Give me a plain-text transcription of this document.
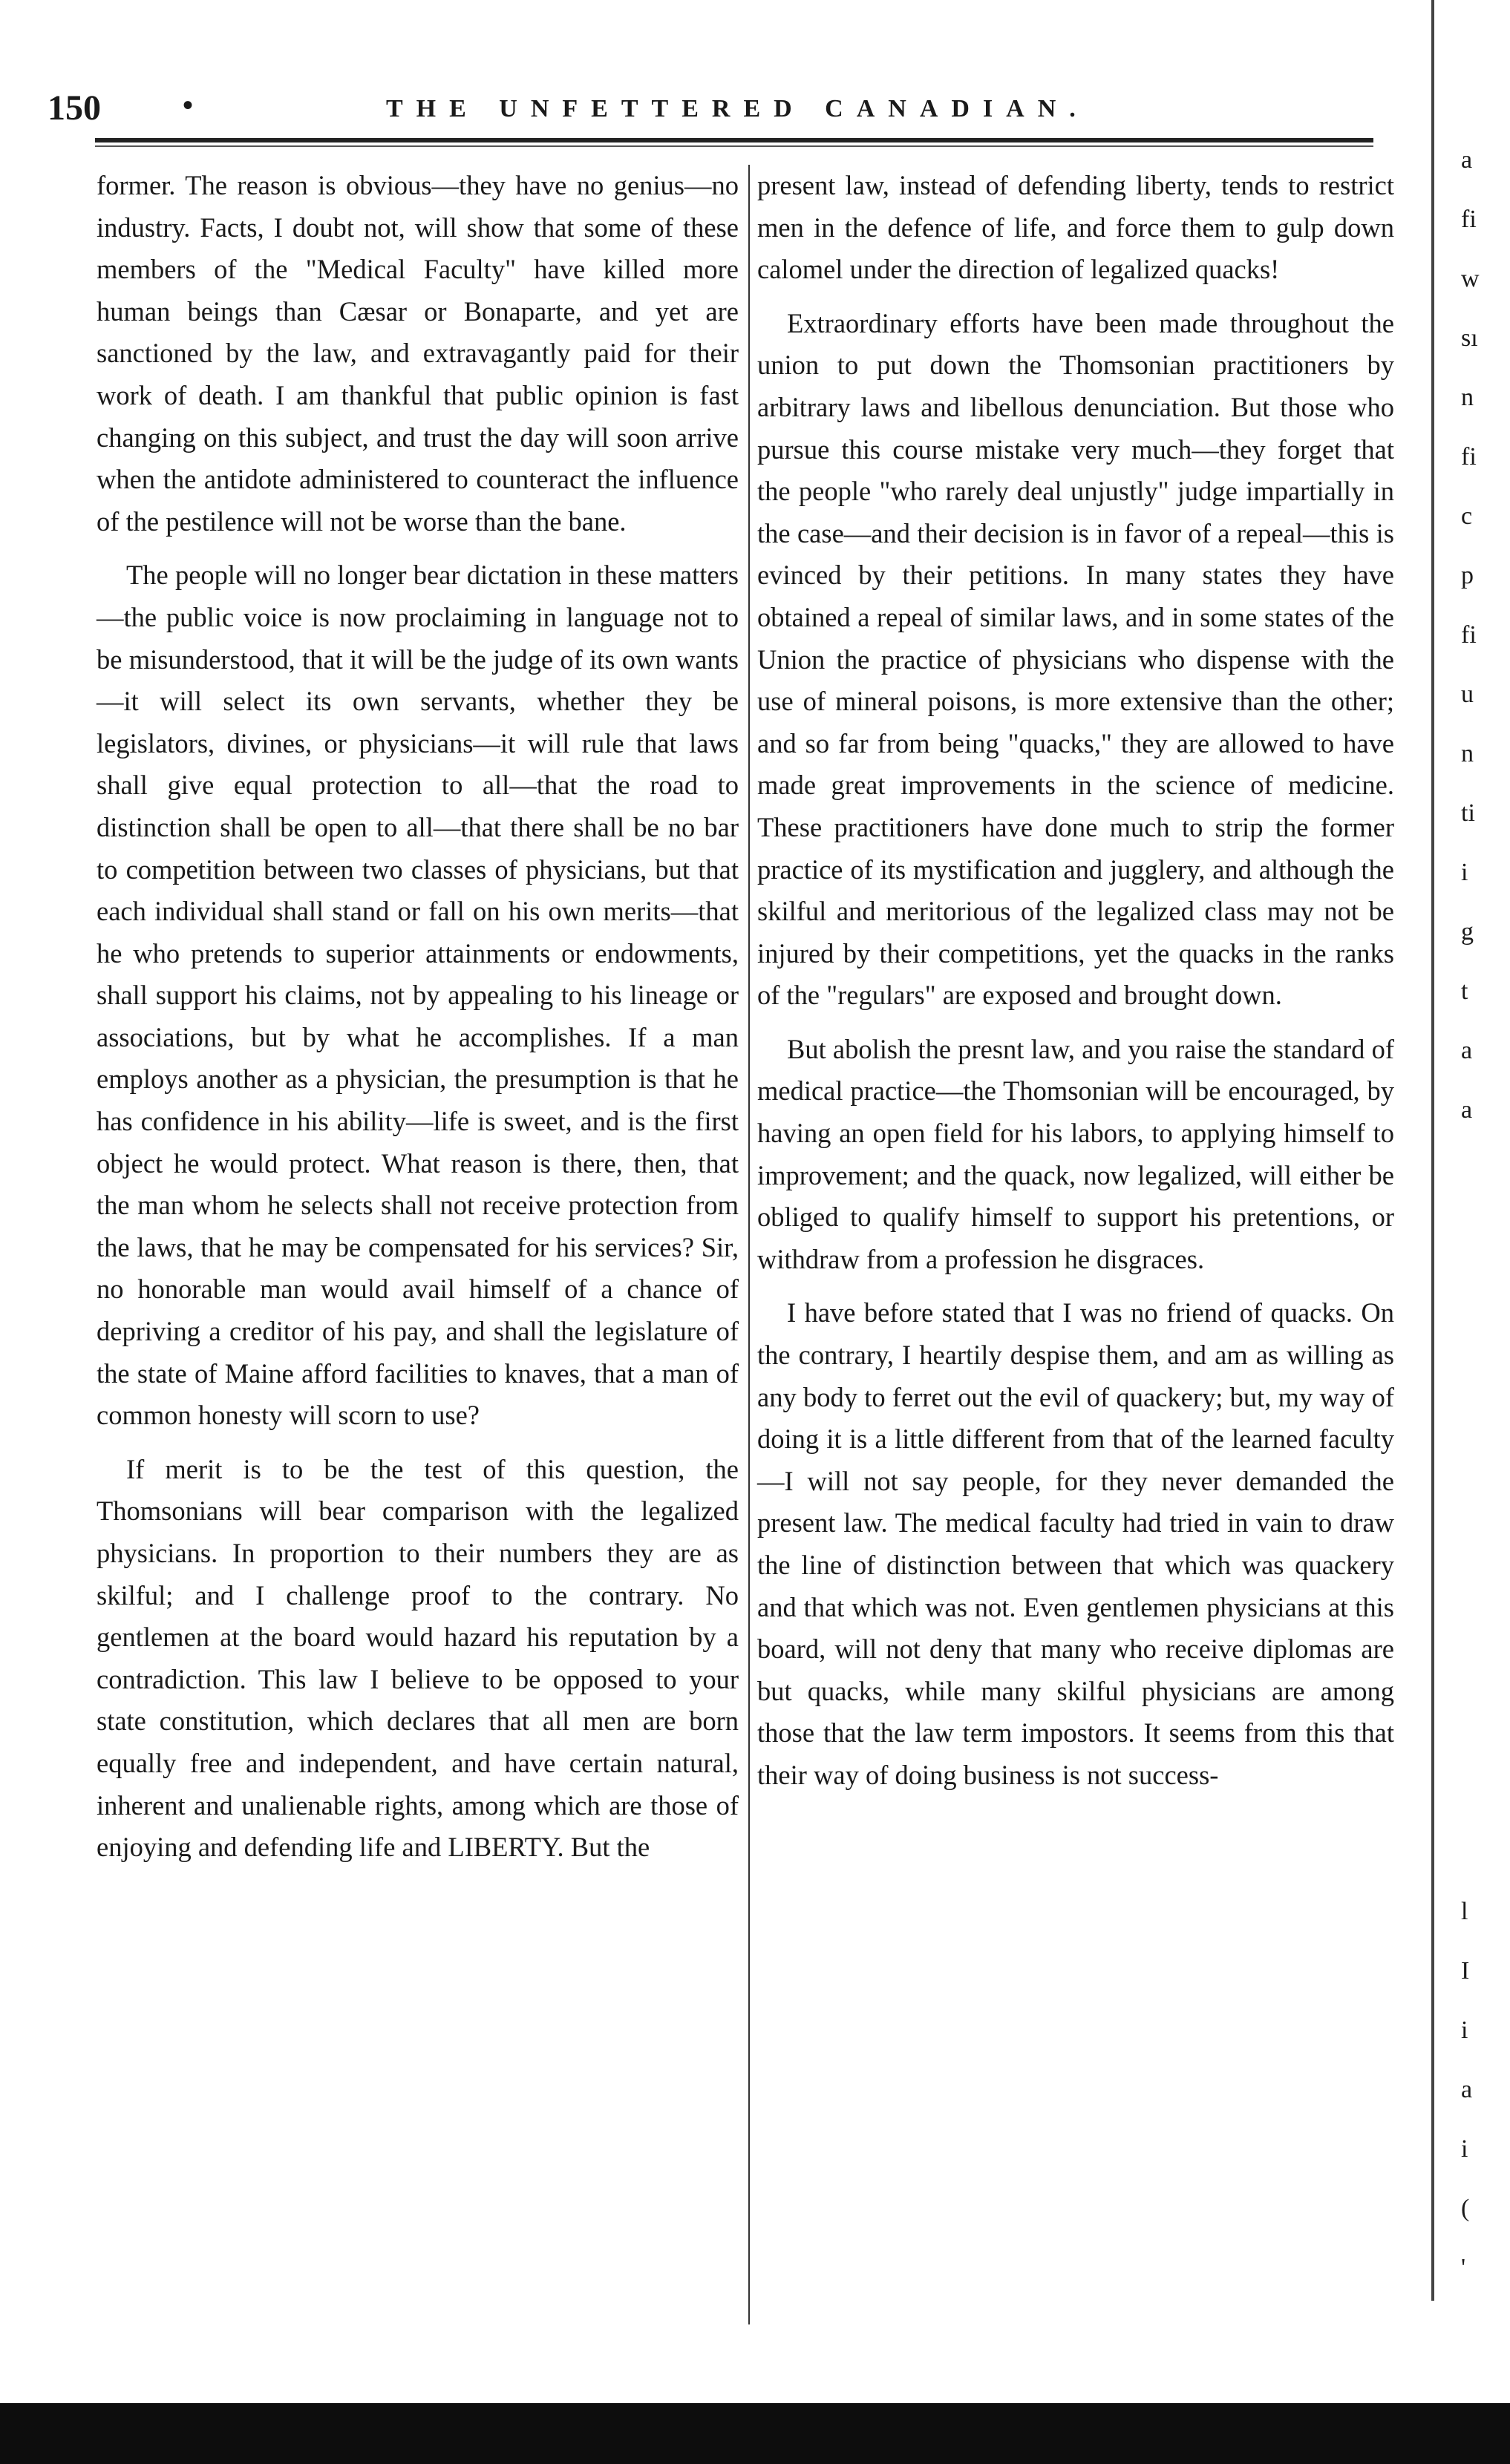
150	•	THE UNFETTERED CANADIAN.

former. The reason is obvious—they have no genius—no industry. Facts, I doubt not, will show that some of these members of the "Medical Faculty" have killed more human beings than Cæsar or Bonaparte, and yet are sanctioned by the law, and extravagantly paid for their work of death. I am thankful that public opinion is fast changing on this subject, and trust the day will soon arrive when the antidote administered to counteract the influence of the pestilence will not be worse than the bane.

The people will no longer bear dictation in these matters—the public voice is now proclaiming in language not to be misunderstood, that it will be the judge of its own wants—it will select its own servants, whether they be legislators, divines, or physicians—it will rule that laws shall give equal protection to all—that the road to distinction shall be open to all—that there shall be no bar to competition between two classes of physicians, but that each individual shall stand or fall on his own merits—that he who pretends to superior attainments or endowments, shall support his claims, not by appealing to his lineage or associations, but by what he accomplishes. If a man employs another as a physician, the presumption is that he has confidence in his ability—life is sweet, and is the first object he would protect. What reason is there, then, that the man whom he selects shall not receive protection from the laws, that he may be compensated for his services? Sir, no honorable man would avail himself of a chance of depriving a creditor of his pay, and shall the legislature of the state of Maine afford facilities to knaves, that a man of common honesty will scorn to use?

If merit is to be the test of this question, the Thomsonians will bear comparison with the legalized physicians. In proportion to their numbers they are as skilful; and I challenge proof to the contrary. No gentlemen at the board would hazard his reputation by a contradiction. This law I believe to be opposed to your state constitution, which declares that all men are born equally free and independent, and have certain natural, inherent and unalienable rights, among which are those of enjoying and defending life and LIBERTY. But the

present law, instead of defending liberty, tends to restrict men in the defence of life, and force them to gulp down calomel under the direction of legalized quacks!

Extraordinary efforts have been made throughout the union to put down the Thomsonian practitioners by arbitrary laws and libellous denunciation. But those who pursue this course mistake very much—they forget that the people "who rarely deal unjustly" judge impartially in the case—and their decision is in favor of a repeal—this is evinced by their petitions. In many states they have obtained a repeal of similar laws, and in some states of the Union the practice of physicians who dispense with the use of mineral poisons, is more extensive than the other; and so far from being "quacks," they are allowed to have made great improvements in the science of medicine. These practitioners have done much to strip the former practice of its mystification and jugglery, and although the skilful and meritorious of the legalized class may not be injured by their competitions, yet the quacks in the ranks of the "regulars" are exposed and brought down.

But abolish the presnt law, and you raise the standard of medical practice—the Thomsonian will be encouraged, by having an open field for his labors, to applying himself to improvement; and the quack, now legalized, will either be obliged to qualify himself to support his pretentions, or withdraw from a profession he disgraces.

I have before stated that I was no friend of quacks. On the contrary, I heartily despise them, and am as willing as any body to ferret out the evil of quackery; but, my way of doing it is a little different from that of the learned faculty—I will not say people, for they never demanded the present law. The medical faculty had tried in vain to draw the line of distinction between that which was quackery and that which was not. Even gentlemen physicians at this board, will not deny that many who receive diplomas are but quacks, while many skilful physicians are among those that the law term impostors. It seems from this that their way of doing business is not success-

a
fi
w
sı
n
fi
c
p
fi
u
n
ti
i
g
t
a
a
l
I
i
a
i
(
'
